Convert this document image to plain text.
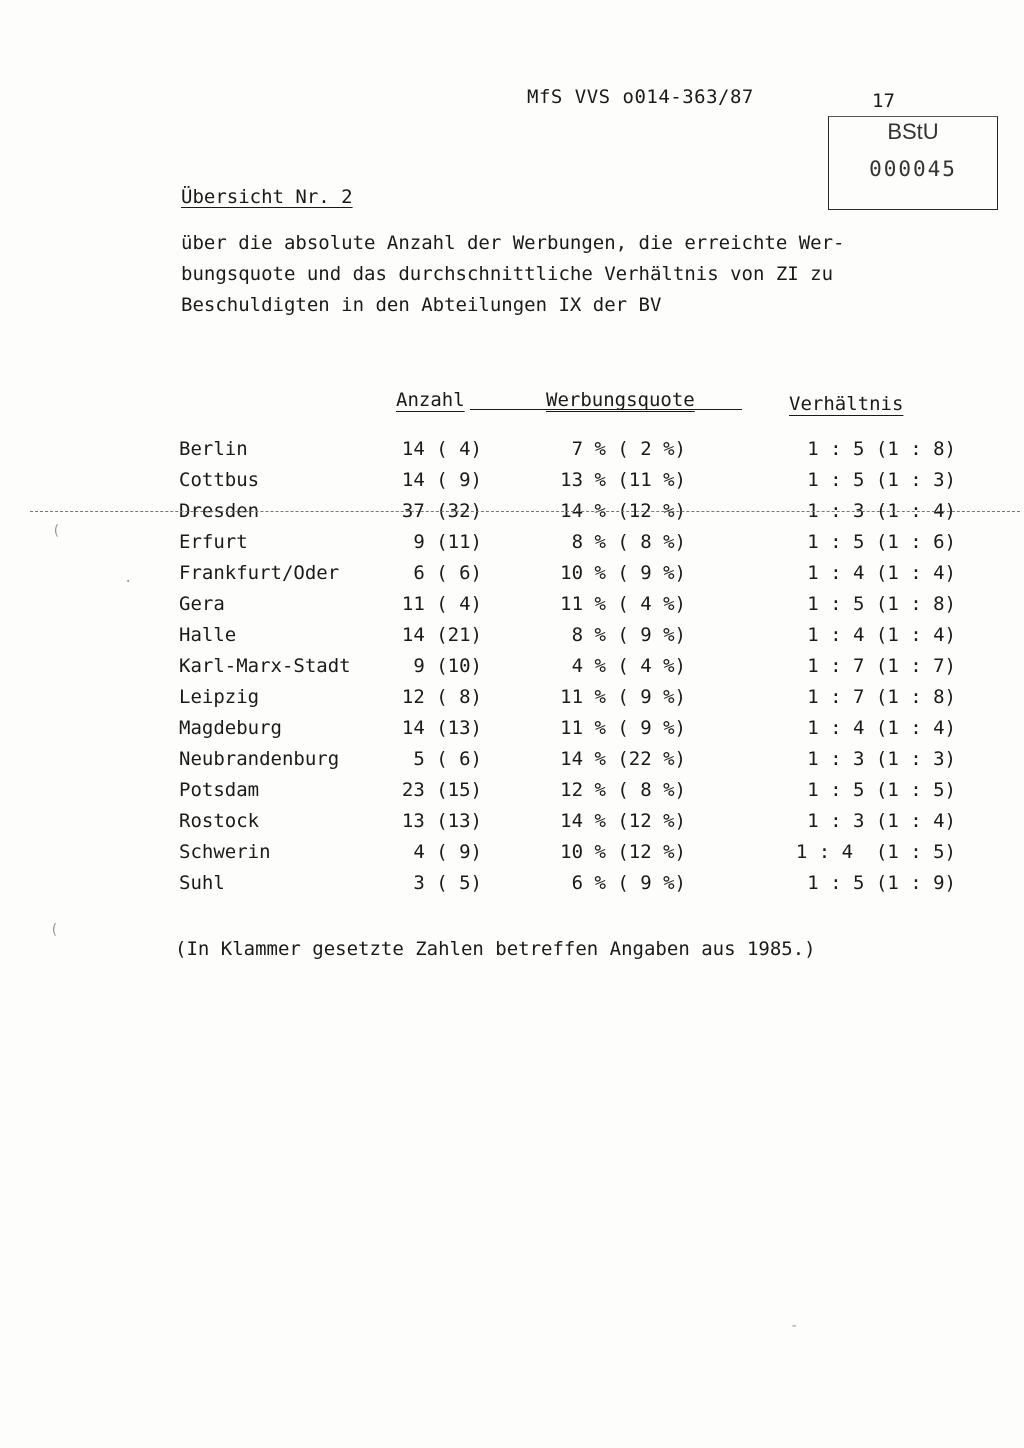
MfS VVS o014-363/87	17
BStU
000045
Übersicht Nr. 2
über die absolute Anzahl der Werbungen, die erreichte Wer-
bungsquote und das durchschnittliche Verhältnis von ZI zu
Beschuldigten in den Abteilungen IX der BV
Anzahl	Werbungsquote	Verhältnis
Berlin	14 ( 4)	7 % ( 2 %)	1 : 5 (1 : 8)
Cottbus	14 ( 9)	13 % (11 %)	1 : 5 (1 : 3)
Dresden	37 (32)	14 % (12 %)	1 : 3 (1 : 4)
Erfurt	9 (11)	8 % ( 8 %)	1 : 5 (1 : 6)
Frankfurt/Oder	6 ( 6)	10 % ( 9 %)	1 : 4 (1 : 4)
Gera	11 ( 4)	11 % ( 4 %)	1 : 5 (1 : 8)
Halle	14 (21)	8 % ( 9 %)	1 : 4 (1 : 4)
Karl-Marx-Stadt	9 (10)	4 % ( 4 %)	1 : 7 (1 : 7)
Leipzig	12 ( 8)	11 % ( 9 %)	1 : 7 (1 : 8)
Magdeburg	14 (13)	11 % ( 9 %)	1 : 4 (1 : 4)
Neubrandenburg	5 ( 6)	14 % (22 %)	1 : 3 (1 : 3)
Potsdam	23 (15)	12 % ( 8 %)	1 : 5 (1 : 5)
Rostock	13 (13)	14 % (12 %)	1 : 3 (1 : 4)
Schwerin	4 ( 9)	10 % (12 %)	1 : 4  (1 : 5)
Suhl	3 ( 5)	6 % ( 9 %)	1 : 5 (1 : 9)
(In Klammer gesetzte Zahlen betreffen Angaben aus 1985.)
(
·
(
-
